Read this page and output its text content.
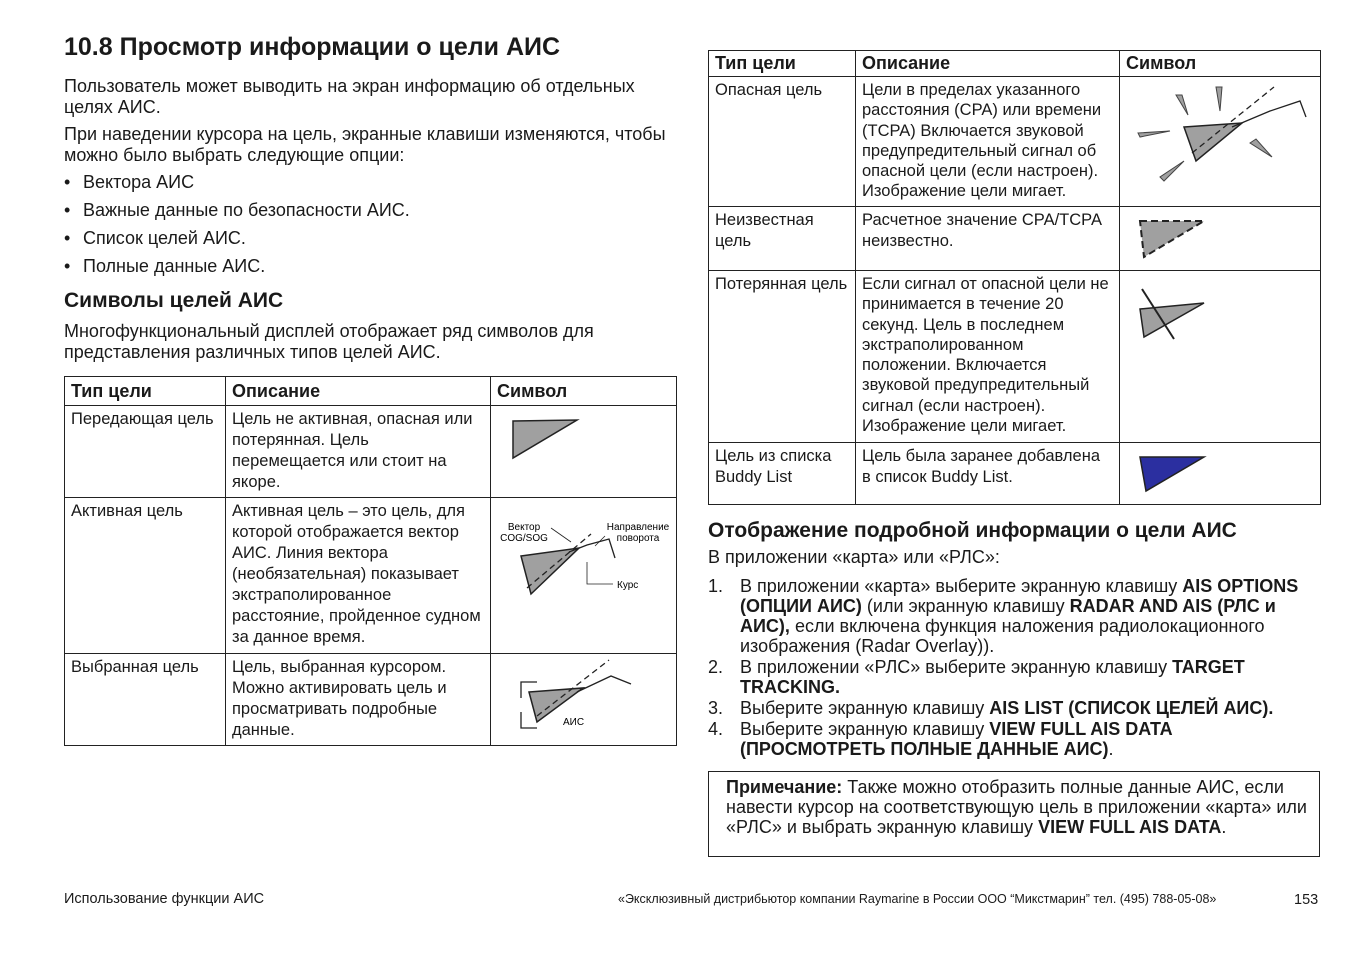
10.8 Просмотр информации о цели АИС

Пользователь может выводить на экран информацию об отдельных целях АИС.

При наведении курсора на цель, экранные клавиши изменяются, чтобы можно было выбрать следующие опции:

• Вектора АИС
• Важные данные по безопасности АИС.
• Список целей АИС.
• Полные данные АИС.
Символы целей АИС

Многофункциональный дисплей отображает ряд символов для представления различных типов целей АИС.

Тип цели	Описание	Символ
Передающая цель	Цель не активная, опасная или потерянная. Цель перемещается или стоит на якоре.	

Активная цель	Активная цель – это цель, для которой отображается вектор АИС. Линия вектора (необязательная) показывает экстраполированное расстояние, пройденное судном за данное время.	Вектор
COG/SOG
Направление
поворота
Курс

Выбранная цель	Цель, выбранная курсором. Можно активировать цель и просматривать подробные данные.	АИС
Тип цели	Описание	Символ
Опасная цель	Цели в пределах указанного расстояния (CPA) или времени (TCPA) Включается звуковой предупредительный сигнал об опасной цели (если настроен). Изображение цели мигает.	

Неизвестная цель	Расчетное значение CPA/TCPA неизвестно.	

Потерянная цель	Если сигнал от опасной цели не принимается в течение 20 секунд. Цель в последнем экстраполированном положении. Включается звуковой предупредительный сигнал (если настроен). Изображение цели мигает.	

Цель из списка Buddy List	Цель была заранее добавлена в список Buddy List.	
Отображение подробной информации о цели АИС

В приложении «карта» или «РЛС»:

1. В приложении «карта» выберите экранную клавишу AIS OPTIONS (ОПЦИИ АИС) (или экранную клавишу RADAR AND AIS (РЛС и АИС), если включена функция наложения радиолокационного изображения (Radar Overlay)).
2. В приложении «РЛС» выберите экранную клавишу TARGET TRACKING.
3. Выберите экранную клавишу AIS LIST (СПИСОК ЦЕЛЕЙ АИС).
4. Выберите экранную клавишу VIEW FULL AIS DATA (ПРОСМОТРЕТЬ ПОЛНЫЕ ДАННЫЕ АИС).
Примечание: Также можно отобразить полные данные АИС, если навести курсор на соответствующую цель в приложении «карта» или «РЛС» и выбрать экранную клавишу VIEW FULL AIS DATA.
Использование функции АИС	«Эксклюзивный дистрибьютор компании Raymarine в России ООО “Микстмарин” тел. (495) 788-05-08»	153
